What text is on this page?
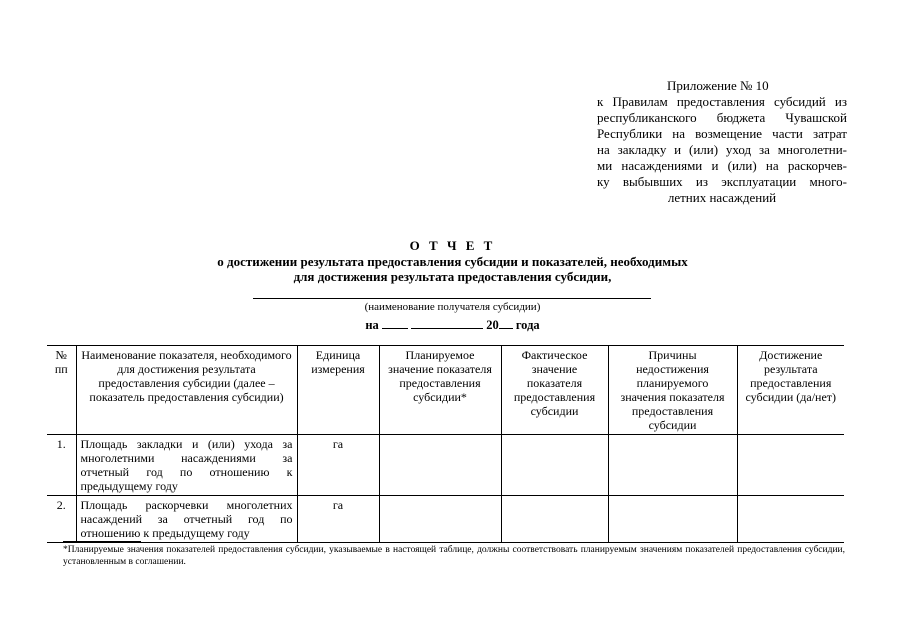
Приложение № 10
к Правилам предоставления субсидий из
республиканского бюджета Чувашской
Республики на возмещение части затрат
на закладку и (или) уход за многолетни-
ми насаждениями и (или) на раскорчев-
ку выбывших из эксплуатации много-
летних насаждений
О Т Ч Е Т
о достижении результата предоставления субсидии и показателей, необходимых
для достижения результата предоставления субсидии,
(наименование получателя субсидии)
на	20 года
№ пп	Наименование показателя, необходимого для достижения результата предоставления субсидии (далее – показатель предоставления субсидии)	Единица измерения	Планируемое значение показателя предоставления субсидии*	Фактическое значение показателя предоставления субсидии	Причины недостижения планируемого значения показателя предоставления субсидии	Достижение результата предоставления субсидии (да/нет)
1.	Площадь закладки и (или) ухода за многолетними насаждениями за отчетный год по отношению к предыдущему году	га				
2.	Площадь раскорчевки многолетних насаждений за отчетный год по отношению к предыдущему году	га				
*Планируемые значения показателей предоставления субсидии, указываемые в настоящей таблице, должны соответствовать планируемым значениям показателей предоставления субсидии, установленным в соглашении.
